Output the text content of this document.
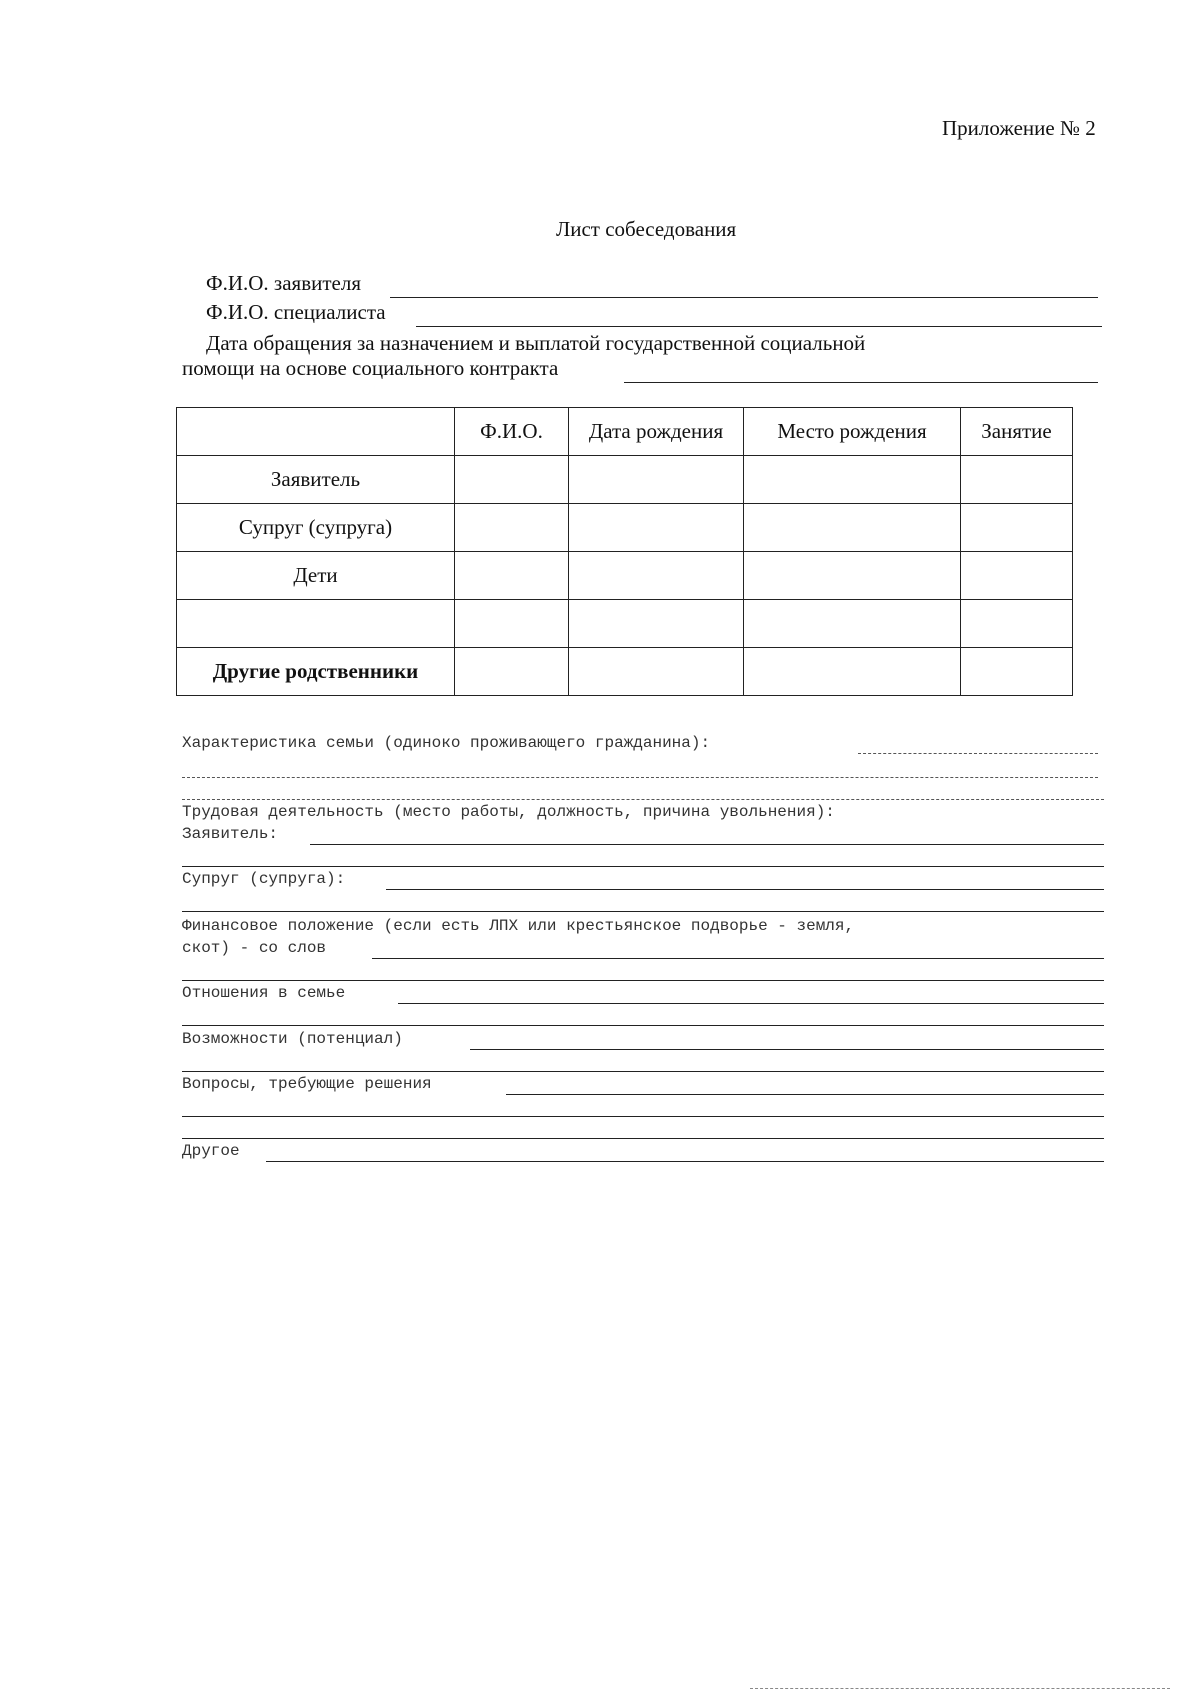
Приложение № 2
Лист собеседования
Ф.И.О. заявителя
Ф.И.О. специалиста
Дата обращения за назначением и выплатой государственной социальной
помощи на основе социального контракта
	Ф.И.О.	Дата рождения	Место рождения	Занятие
Заявитель				
Супруг (супруга)				
Дети				

Другие родственники				
Характеристика семьи (одиноко проживающего гражданина):
Трудовая деятельность (место работы, должность, причина увольнения):
Заявитель:
Супруг (супруга):
Финансовое положение (если есть ЛПХ или крестьянское подворье - земля,
скот) - со слов
Отношения в семье
Возможности (потенциал)
Вопросы, требующие решения
Другое
